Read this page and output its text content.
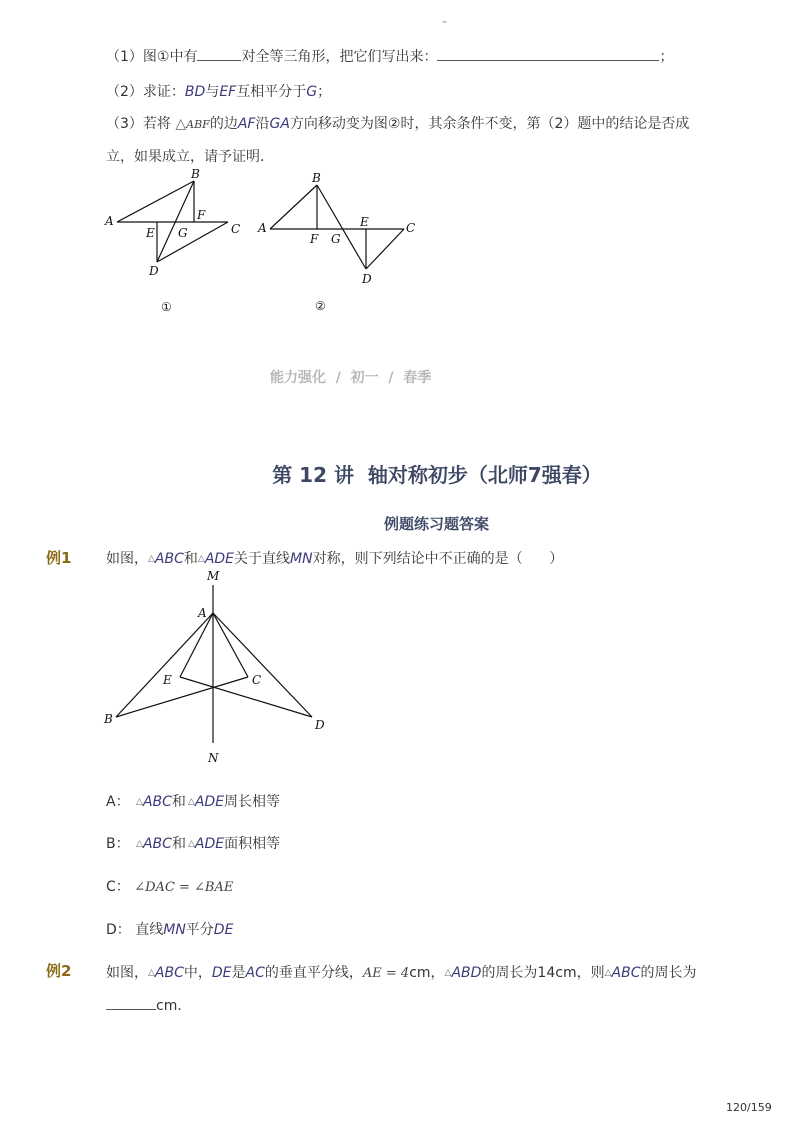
-
（1）图①中有	对全等三角形，把它们写出来：	；
（2）求证：BD与EF互相平分于G；
（3）若将 △ABF的边AF沿GA方向移动变为图②时，其余条件不变，第（2）题中的结论是否成
立，如果成立，请予证明．
A
B
C
D
E
F
G
①
A
B
C
D
E
F G
②
能力强化  /  初一  /  春季
第 12 讲  轴对称初步（北师7强春）
例题练习题答案
例1 如图，△ABC和△ADE关于直线MN对称，则下列结论中不正确的是（      ）
M
A
E	C
B	D
N
A： △ABC和 △ADE周长相等
B： △ABC和 △ADE面积相等
C： ∠DAC = ∠BAE
D： 直线MN平分DE
例2 如图，△ABC中，DE是AC的垂直平分线，AE = 4cm，△ABD的周长为14cm，则△ABC的周长为
cm．
120/159
